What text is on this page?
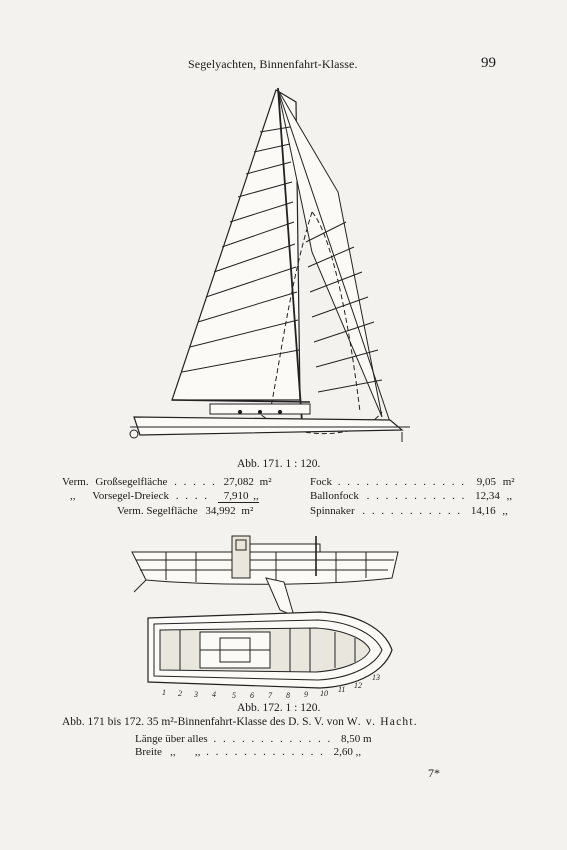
Segelyachten, Binnenfahrt-Klasse.	99
Abb. 171. 1 : 120.
Verm. Großsegelfläche . . . . . 27,082 m²
,, Vorsegel-Dreieck . . . . 7,910 ,,
Verm. Segelfläche 34,992 m²
Fock . . . . . . . . . . . . . . 9,05 m²
Ballonfock . . . . . . . . . . . 12,34 ,,
Spinnaker . . . . . . . . . . . 14,16 ,,
1 2 3 4 5 6 7 8 9 10 11 12
13
Abb. 172. 1 : 120.
Abb. 171 bis 172. 35 m²-Binnenfahrt-Klasse des D. S. V. von W. v. Hacht.
Länge über alles . . . . . . . . . . . . . 8,50 m
Breite   ,,       ,, . . . . . . . . . . . . . 2,60 ,,
7*
